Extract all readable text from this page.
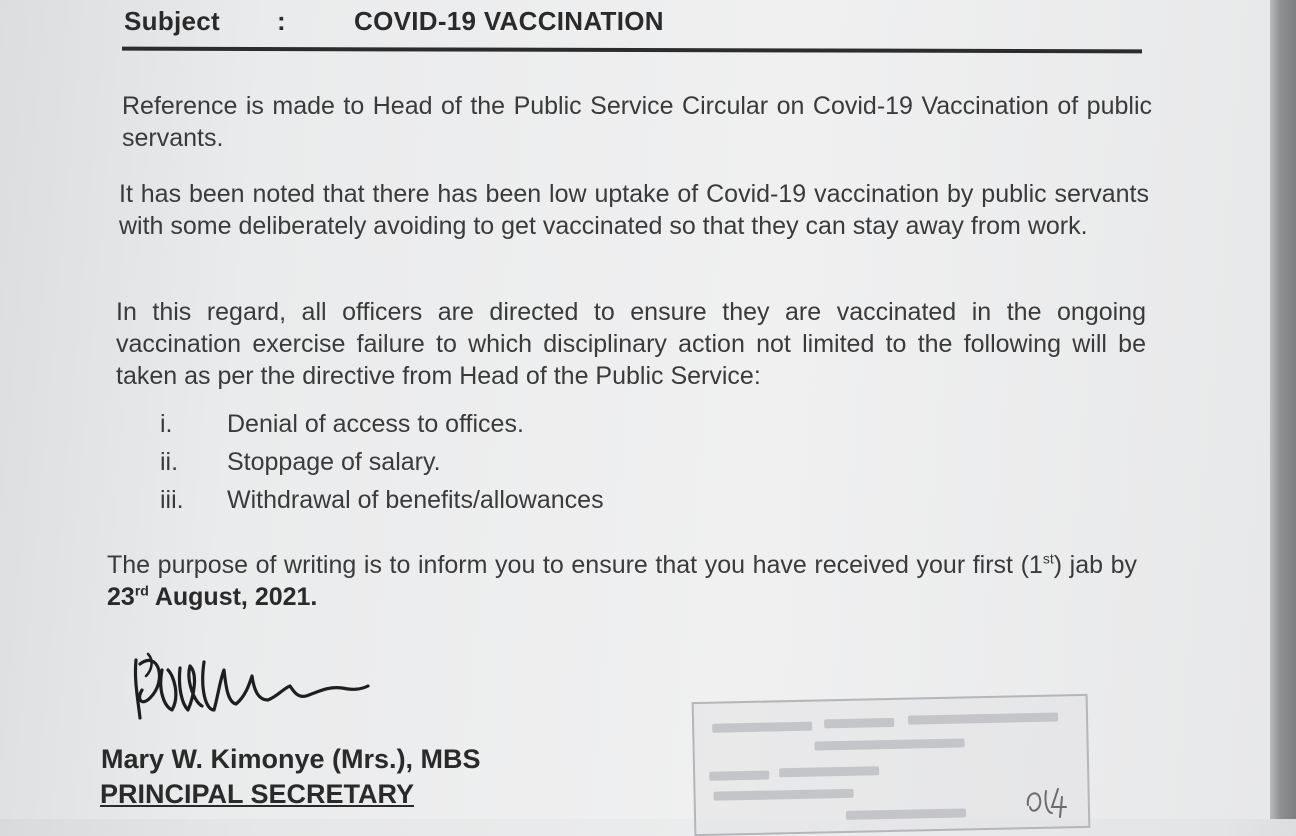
Subject :	COVID-19 VACCINATION
Reference is made to Head of the Public Service Circular on Covid-19 Vaccination of public servants.
It has been noted that there has been low uptake of Covid-19 vaccination by public servants with some deliberately avoiding to get vaccinated so that they can stay away from work.
In this regard, all officers are directed to ensure they are vaccinated in the ongoing vaccination exercise failure to which disciplinary action not limited to the following will be taken as per the directive from Head of the Public Service:
i.	Denial of access to offices.
ii.	Stoppage of salary.
iii.	Withdrawal of benefits/allowances
The purpose of writing is to inform you to ensure that you have received your first (1st) jab by 23rd August, 2021.
Mary W. Kimonye (Mrs.), MBS
PRINCIPAL SECRETARY
